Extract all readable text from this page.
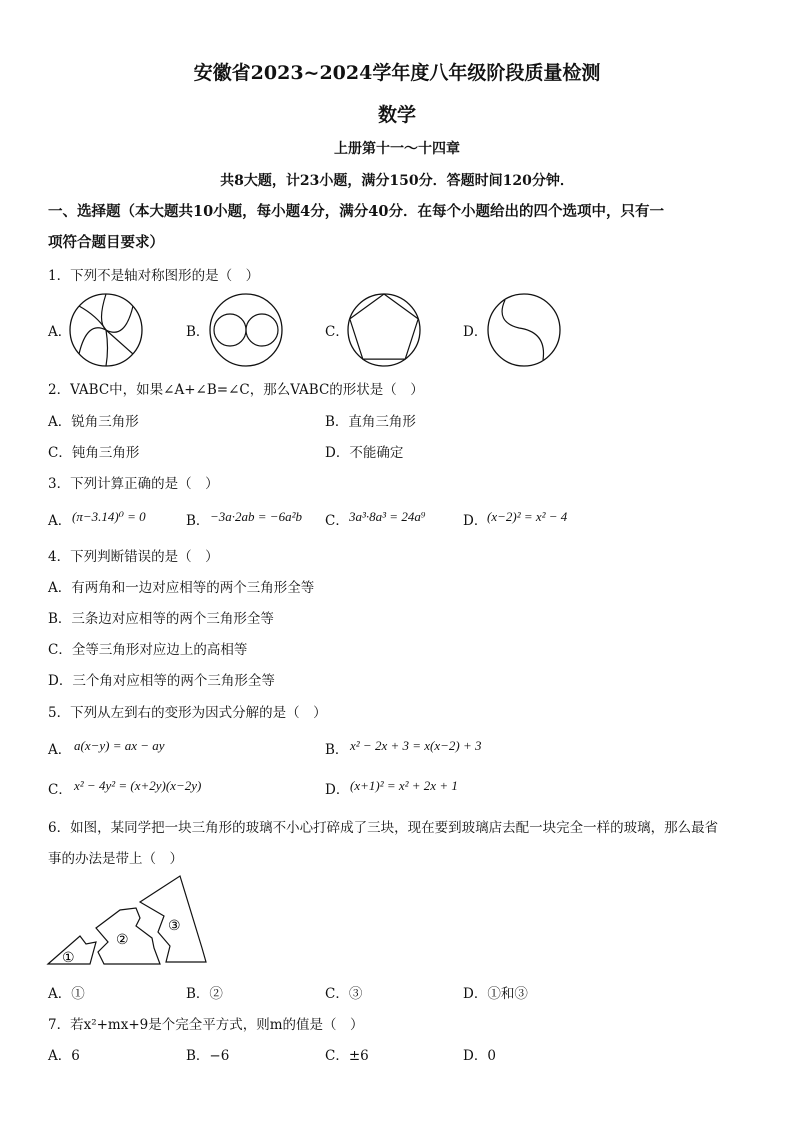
安徽省2023~2024学年度八年级阶段质量检测
数学
上册第十一～十四章
共8大题，计23小题，满分150分．答题时间120分钟．
一、选择题（本大题共10小题，每小题4分，满分40分．在每个小题给出的四个选项中，只有一
项符合题目要求）
1．下列不是轴对称图形的是（　）
A．	B．	C．	D．
2．VABC中，如果∠A+∠B=∠C，那么VABC的形状是（　）
A．锐角三角形	B．直角三角形
C．钝角三角形	D．不能确定
3．下列计算正确的是（　）
A． (π−3.14)⁰ = 0	B． −3a·2ab = −6a²b C． 3a³·8a³ = 24a⁹	D． (x−2)² = x² − 4
4．下列判断错误的是（　）
A．有两角和一边对应相等的两个三角形全等
B．三条边对应相等的两个三角形全等
C．全等三角形对应边上的高相等
D．三个角对应相等的两个三角形全等
5．下列从左到右的变形为因式分解的是（　）
A． a(x−y) = ax − ay	B． x² − 2x + 3 = x(x−2) + 3
C． x² − 4y² = (x+2y)(x−2y)	D． (x+1)² = x² + 2x + 1
6．如图，某同学把一块三角形的玻璃不小心打碎成了三块，现在要到玻璃店去配一块完全一样的玻璃，那么最省
事的办法是带上（　）
①
②
③
A．①	B．②	C．③	D．①和③
7．若x²+mx+9是个完全平方式，则m的值是（　）
A．6	B．−6	C．±6	D．0
